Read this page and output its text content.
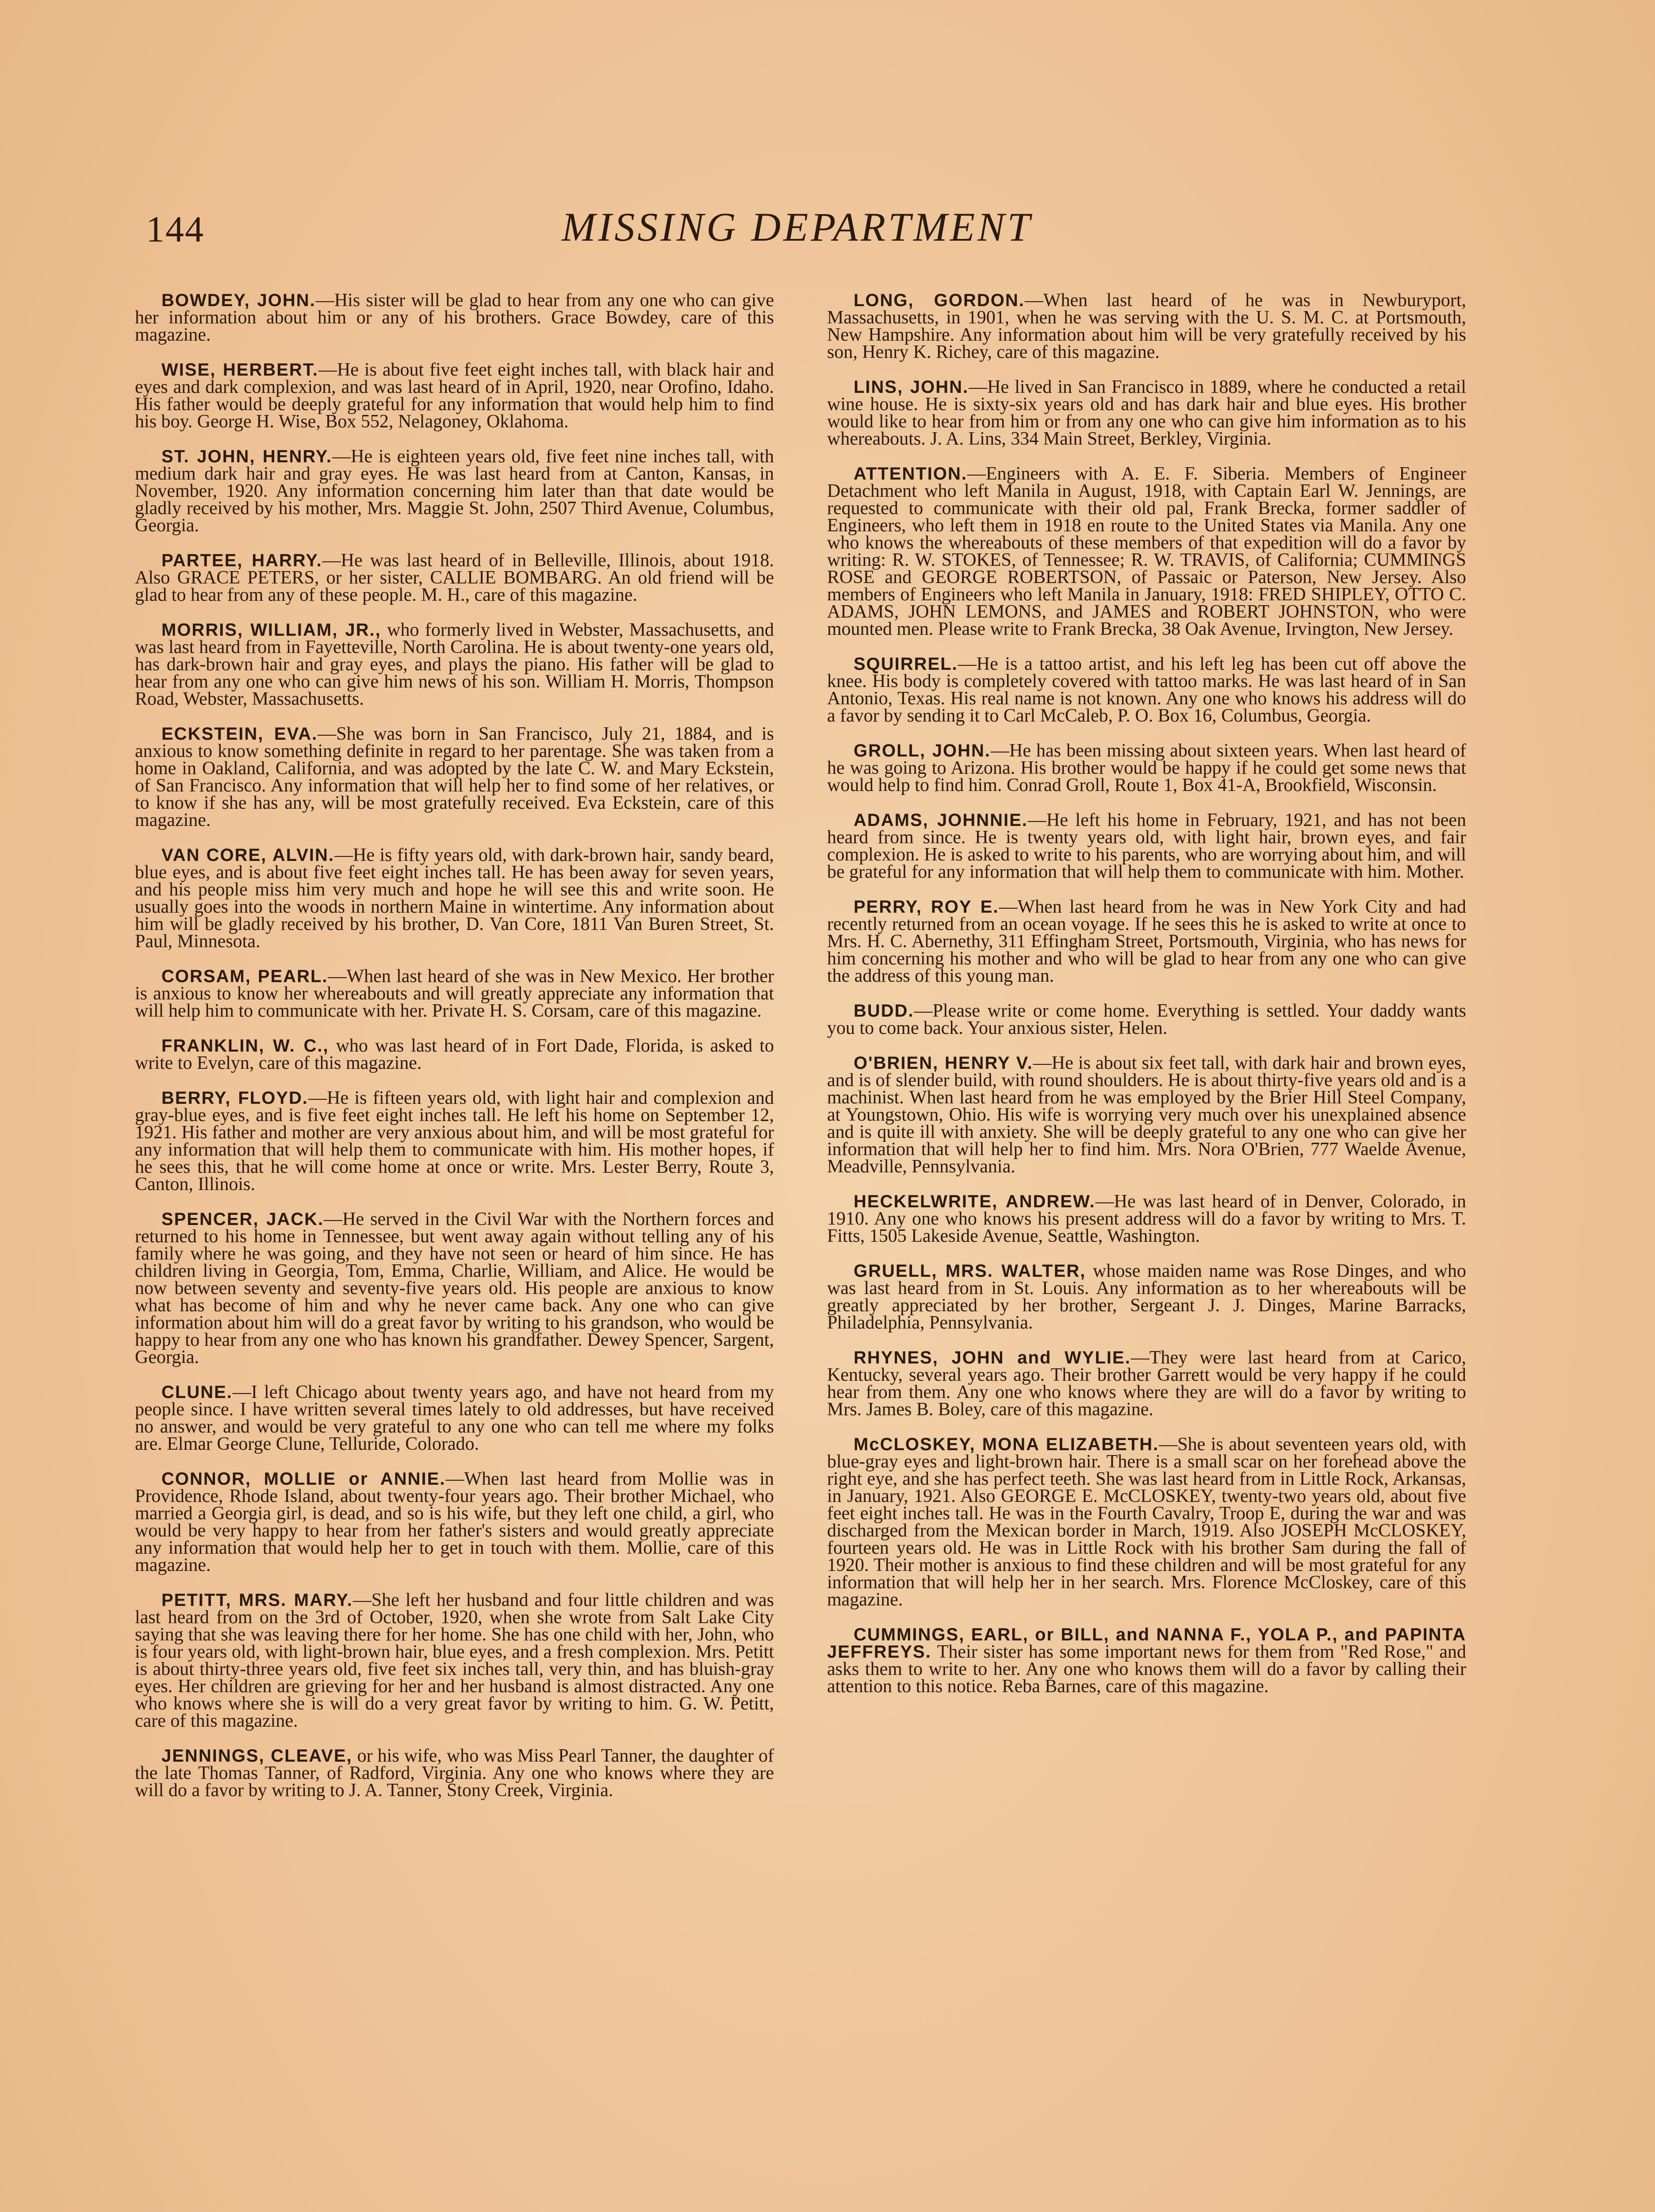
144	MISSING DEPARTMENT

BOWDEY, JOHN.—His sister will be glad to hear from any one who can give her information about him or any of his brothers. Grace Bowdey, care of this magazine.

WISE, HERBERT.—He is about five feet eight inches tall, with black hair and eyes and dark complexion, and was last heard of in April, 1920, near Orofino, Idaho. His father would be deeply grateful for any information that would help him to find his boy. George H. Wise, Box 552, Nelagoney, Oklahoma.

ST. JOHN, HENRY.—He is eighteen years old, five feet nine inches tall, with medium dark hair and gray eyes. He was last heard from at Canton, Kansas, in November, 1920. Any information concerning him later than that date would be gladly received by his mother, Mrs. Maggie St. John, 2507 Third Avenue, Columbus, Georgia.

PARTEE, HARRY.—He was last heard of in Belleville, Illinois, about 1918. Also GRACE PETERS, or her sister, CALLIE BOMBARG. An old friend will be glad to hear from any of these people. M. H., care of this magazine.

MORRIS, WILLIAM, JR., who formerly lived in Webster, Massachusetts, and was last heard from in Fayetteville, North Carolina. He is about twenty-one years old, has dark-brown hair and gray eyes, and plays the piano. His father will be glad to hear from any one who can give him news of his son. William H. Morris, Thompson Road, Webster, Massachusetts.

ECKSTEIN, EVA.—She was born in San Francisco, July 21, 1884, and is anxious to know something definite in regard to her parentage. She was taken from a home in Oakland, California, and was adopted by the late C. W. and Mary Eckstein, of San Francisco. Any information that will help her to find some of her relatives, or to know if she has any, will be most gratefully received. Eva Eckstein, care of this magazine.

VAN CORE, ALVIN.—He is fifty years old, with dark-brown hair, sandy beard, blue eyes, and is about five feet eight inches tall. He has been away for seven years, and his people miss him very much and hope he will see this and write soon. He usually goes into the woods in northern Maine in wintertime. Any information about him will be gladly received by his brother, D. Van Core, 1811 Van Buren Street, St. Paul, Minnesota.

CORSAM, PEARL.—When last heard of she was in New Mexico. Her brother is anxious to know her whereabouts and will greatly appreciate any information that will help him to communicate with her. Private H. S. Corsam, care of this magazine.

FRANKLIN, W. C., who was last heard of in Fort Dade, Florida, is asked to write to Evelyn, care of this magazine.

BERRY, FLOYD.—He is fifteen years old, with light hair and complexion and gray-blue eyes, and is five feet eight inches tall. He left his home on September 12, 1921. His father and mother are very anxious about him, and will be most grateful for any information that will help them to communicate with him. His mother hopes, if he sees this, that he will come home at once or write. Mrs. Lester Berry, Route 3, Canton, Illinois.

SPENCER, JACK.—He served in the Civil War with the Northern forces and returned to his home in Tennessee, but went away again without telling any of his family where he was going, and they have not seen or heard of him since. He has children living in Georgia, Tom, Emma, Charlie, William, and Alice. He would be now between seventy and seventy-five years old. His people are anxious to know what has become of him and why he never came back. Any one who can give information about him will do a great favor by writing to his grandson, who would be happy to hear from any one who has known his grandfather. Dewey Spencer, Sargent, Georgia.

CLUNE.—I left Chicago about twenty years ago, and have not heard from my people since. I have written several times lately to old addresses, but have received no answer, and would be very grateful to any one who can tell me where my folks are. Elmar George Clune, Telluride, Colorado.

CONNOR, MOLLIE or ANNIE.—When last heard from Mollie was in Providence, Rhode Island, about twenty-four years ago. Their brother Michael, who married a Georgia girl, is dead, and so is his wife, but they left one child, a girl, who would be very happy to hear from her father's sisters and would greatly appreciate any information that would help her to get in touch with them. Mollie, care of this magazine.

PETITT, MRS. MARY.—She left her husband and four little children and was last heard from on the 3rd of October, 1920, when she wrote from Salt Lake City saying that she was leaving there for her home. She has one child with her, John, who is four years old, with light-brown hair, blue eyes, and a fresh complexion. Mrs. Petitt is about thirty-three years old, five feet six inches tall, very thin, and has bluish-gray eyes. Her children are grieving for her and her husband is almost distracted. Any one who knows where she is will do a very great favor by writing to him. G. W. Petitt, care of this magazine.

JENNINGS, CLEAVE, or his wife, who was Miss Pearl Tanner, the daughter of the late Thomas Tanner, of Radford, Virginia. Any one who knows where they are will do a favor by writing to J. A. Tanner, Stony Creek, Virginia.

LONG, GORDON.—When last heard of he was in Newburyport, Massachusetts, in 1901, when he was serving with the U. S. M. C. at Portsmouth, New Hampshire. Any information about him will be very gratefully received by his son, Henry K. Richey, care of this magazine.

LINS, JOHN.—He lived in San Francisco in 1889, where he conducted a retail wine house. He is sixty-six years old and has dark hair and blue eyes. His brother would like to hear from him or from any one who can give him information as to his whereabouts. J. A. Lins, 334 Main Street, Berkley, Virginia.

ATTENTION.—Engineers with A. E. F. Siberia. Members of Engineer Detachment who left Manila in August, 1918, with Captain Earl W. Jennings, are requested to communicate with their old pal, Frank Brecka, former saddler of Engineers, who left them in 1918 en route to the United States via Manila. Any one who knows the whereabouts of these members of that expedition will do a favor by writing: R. W. STOKES, of Tennessee; R. W. TRAVIS, of California; CUMMINGS ROSE and GEORGE ROBERTSON, of Passaic or Paterson, New Jersey. Also members of Engineers who left Manila in January, 1918: FRED SHIPLEY, OTTO C. ADAMS, JOHN LEMONS, and JAMES and ROBERT JOHNSTON, who were mounted men. Please write to Frank Brecka, 38 Oak Avenue, Irvington, New Jersey.

SQUIRREL.—He is a tattoo artist, and his left leg has been cut off above the knee. His body is completely covered with tattoo marks. He was last heard of in San Antonio, Texas. His real name is not known. Any one who knows his address will do a favor by sending it to Carl McCaleb, P. O. Box 16, Columbus, Georgia.

GROLL, JOHN.—He has been missing about sixteen years. When last heard of he was going to Arizona. His brother would be happy if he could get some news that would help to find him. Conrad Groll, Route 1, Box 41-A, Brookfield, Wisconsin.

ADAMS, JOHNNIE.—He left his home in February, 1921, and has not been heard from since. He is twenty years old, with light hair, brown eyes, and fair complexion. He is asked to write to his parents, who are worrying about him, and will be grateful for any information that will help them to communicate with him. Mother.

PERRY, ROY E.—When last heard from he was in New York City and had recently returned from an ocean voyage. If he sees this he is asked to write at once to Mrs. H. C. Abernethy, 311 Effingham Street, Portsmouth, Virginia, who has news for him concerning his mother and who will be glad to hear from any one who can give the address of this young man.

BUDD.—Please write or come home. Everything is settled. Your daddy wants you to come back. Your anxious sister, Helen.

O'BRIEN, HENRY V.—He is about six feet tall, with dark hair and brown eyes, and is of slender build, with round shoulders. He is about thirty-five years old and is a machinist. When last heard from he was employed by the Brier Hill Steel Company, at Youngstown, Ohio. His wife is worrying very much over his unexplained absence and is quite ill with anxiety. She will be deeply grateful to any one who can give her information that will help her to find him. Mrs. Nora O'Brien, 777 Waelde Avenue, Meadville, Pennsylvania.

HECKELWRITE, ANDREW.—He was last heard of in Denver, Colorado, in 1910. Any one who knows his present address will do a favor by writing to Mrs. T. Fitts, 1505 Lakeside Avenue, Seattle, Washington.

GRUELL, MRS. WALTER, whose maiden name was Rose Dinges, and who was last heard from in St. Louis. Any information as to her whereabouts will be greatly appreciated by her brother, Sergeant J. J. Dinges, Marine Barracks, Philadelphia, Pennsylvania.

RHYNES, JOHN and WYLIE.—They were last heard from at Carico, Kentucky, several years ago. Their brother Garrett would be very happy if he could hear from them. Any one who knows where they are will do a favor by writing to Mrs. James B. Boley, care of this magazine.

McCLOSKEY, MONA ELIZABETH.—She is about seventeen years old, with blue-gray eyes and light-brown hair. There is a small scar on her forehead above the right eye, and she has perfect teeth. She was last heard from in Little Rock, Arkansas, in January, 1921. Also GEORGE E. McCLOSKEY, twenty-two years old, about five feet eight inches tall. He was in the Fourth Cavalry, Troop E, during the war and was discharged from the Mexican border in March, 1919. Also JOSEPH McCLOSKEY, fourteen years old. He was in Little Rock with his brother Sam during the fall of 1920. Their mother is anxious to find these children and will be most grateful for any information that will help her in her search. Mrs. Florence McCloskey, care of this magazine.

CUMMINGS, EARL, or BILL, and NANNA F., YOLA P., and PAPINTA JEFFREYS. Their sister has some important news for them from "Red Rose," and asks them to write to her. Any one who knows them will do a favor by calling their attention to this notice. Reba Barnes, care of this magazine.
